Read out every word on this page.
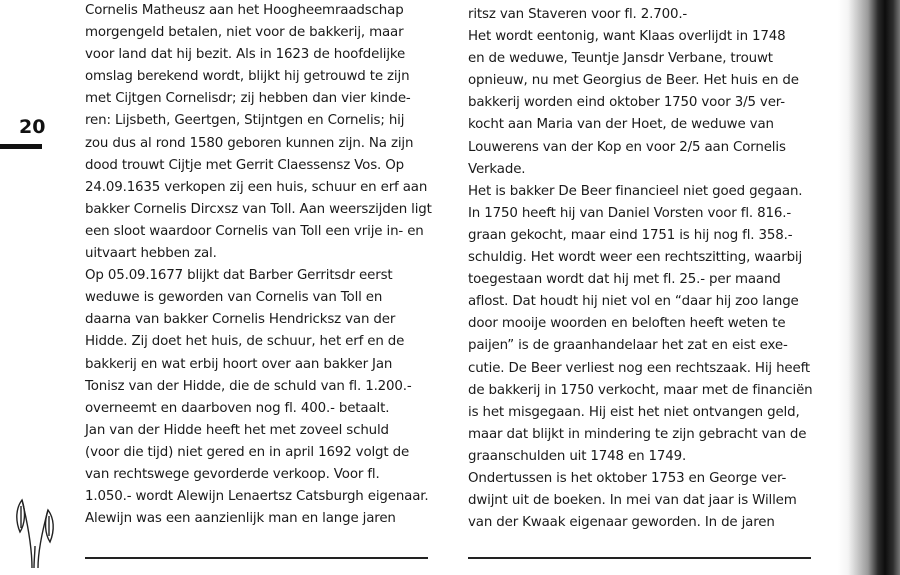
20
Cornelis Matheusz aan het Hoogheemraadschap
morgengeld betalen, niet voor de bakkerij, maar
voor land dat hij bezit. Als in 1623 de hoofdelijke
omslag berekend wordt, blijkt hij getrouwd te zijn
met Cijtgen Cornelisdr; zij hebben dan vier kinde-
ren: Lijsbeth, Geertgen, Stijntgen en Cornelis; hij
zou dus al rond 1580 geboren kunnen zijn. Na zijn
dood trouwt Cijtje met Gerrit Claessensz Vos. Op
24.09.1635 verkopen zij een huis, schuur en erf aan
bakker Cornelis Dircxsz van Toll. Aan weerszijden ligt
een sloot waardoor Cornelis van Toll een vrije in- en
uitvaart hebben zal.
Op 05.09.1677 blijkt dat Barber Gerritsdr eerst
weduwe is geworden van Cornelis van Toll en
daarna van bakker Cornelis Hendricksz van der
Hidde. Zij doet het huis, de schuur, het erf en de
bakkerij en wat erbij hoort over aan bakker Jan
Tonisz van der Hidde, die de schuld van fl. 1.200.-
overneemt en daarboven nog fl. 400.- betaalt.
Jan van der Hidde heeft het met zoveel schuld
(voor die tijd) niet gered en in april 1692 volgt de
van rechtswege gevorderde verkoop. Voor fl.
1.050.- wordt Alewijn Lenaertsz Catsburgh eigenaar.
Alewijn was een aanzienlijk man en lange jaren
ritsz van Staveren voor fl. 2.700.-
Het wordt eentonig, want Klaas overlijdt in 1748
en de weduwe, Teuntje Jansdr Verbane, trouwt
opnieuw, nu met Georgius de Beer. Het huis en de
bakkerij worden eind oktober 1750 voor 3/5 ver-
kocht aan Maria van der Hoet, de weduwe van
Louwerens van der Kop en voor 2/5 aan Cornelis
Verkade.
Het is bakker De Beer financieel niet goed gegaan.
In 1750 heeft hij van Daniel Vorsten voor fl. 816.-
graan gekocht, maar eind 1751 is hij nog fl. 358.-
schuldig. Het wordt weer een rechtszitting, waarbij
toegestaan wordt dat hij met fl. 25.- per maand
aflost. Dat houdt hij niet vol en “daar hij zoo lange
door mooije woorden en beloften heeft weten te
paijen” is de graanhandelaar het zat en eist exe-
cutie. De Beer verliest nog een rechtszaak. Hij heeft
de bakkerij in 1750 verkocht, maar met de financiën
is het misgegaan. Hij eist het niet ontvangen geld,
maar dat blijkt in mindering te zijn gebracht van de
graanschulden uit 1748 en 1749.
Ondertussen is het oktober 1753 en George ver-
dwijnt uit de boeken. In mei van dat jaar is Willem
van der Kwaak eigenaar geworden. In de jaren
